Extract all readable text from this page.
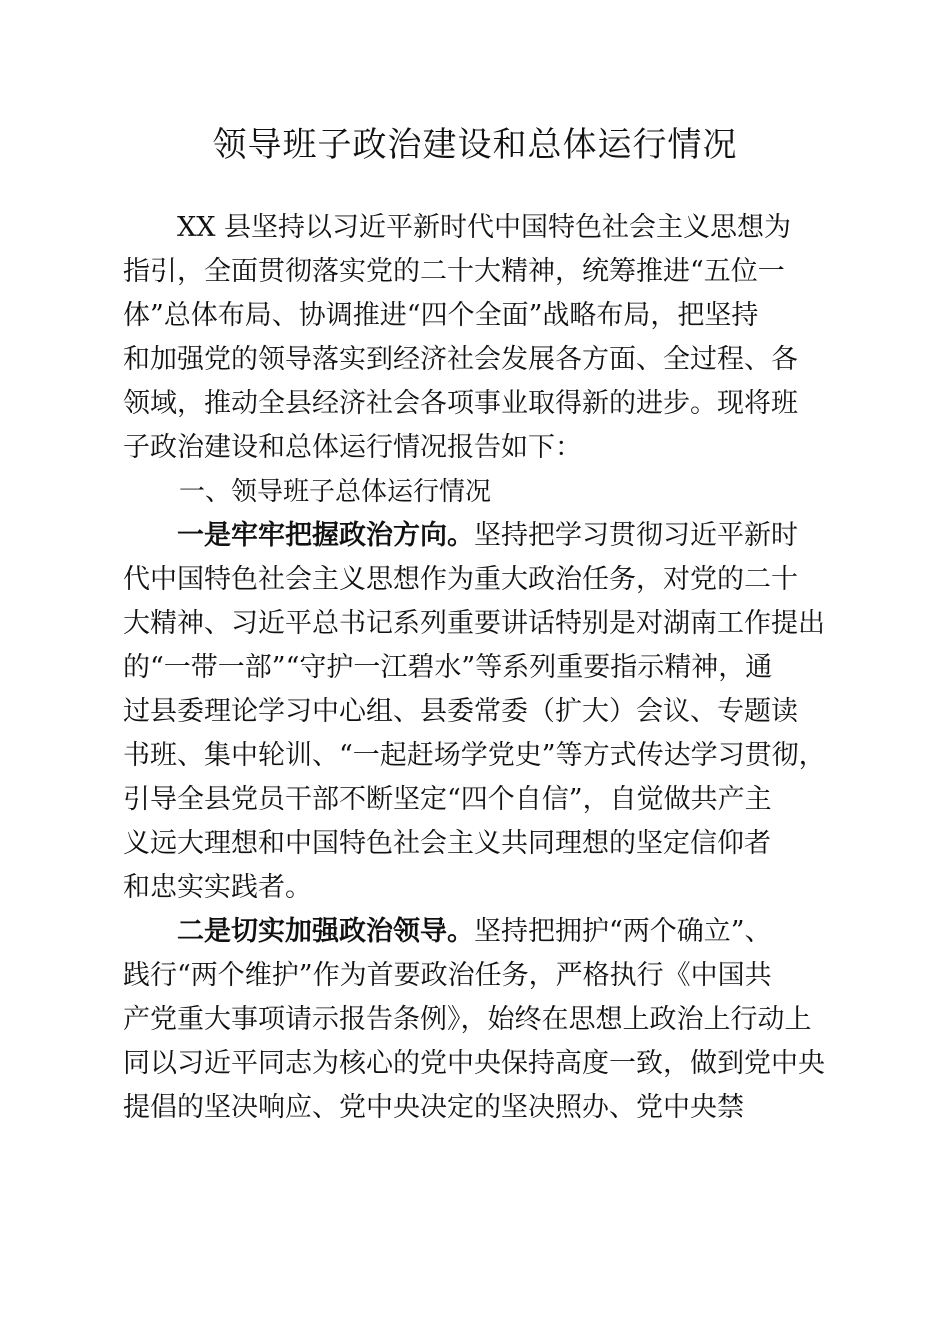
领导班子政治建设和总体运行情况
XX 县坚持以习近平新时代中国特色社会主义思想为
指引，全面贯彻落实党的二十大精神，统筹推进“五位一
体”总体布局、协调推进“四个全面”战略布局，把坚持
和加强党的领导落实到经济社会发展各方面、全过程、各
领域，推动全县经济社会各项事业取得新的进步。现将班
子政治建设和总体运行情况报告如下：
一、领导班子总体运行情况
一是牢牢把握政治方向。坚持把学习贯彻习近平新时
代中国特色社会主义思想作为重大政治任务，对党的二十
大精神、习近平总书记系列重要讲话特别是对湖南工作提出
的“一带一部”“守护一江碧水”等系列重要指示精神，通
过县委理论学习中心组、县委常委（扩大）会议、专题读
书班、集中轮训、“一起赶场学党史”等方式传达学习贯彻，
引导全县党员干部不断坚定“四个自信”，自觉做共产主
义远大理想和中国特色社会主义共同理想的坚定信仰者
和忠实实践者。
二是切实加强政治领导。坚持把拥护“两个确立”、
践行“两个维护”作为首要政治任务，严格执行《中国共
产党重大事项请示报告条例》，始终在思想上政治上行动上
同以习近平同志为核心的党中央保持高度一致，做到党中央
提倡的坚决响应、党中央决定的坚决照办、党中央禁
